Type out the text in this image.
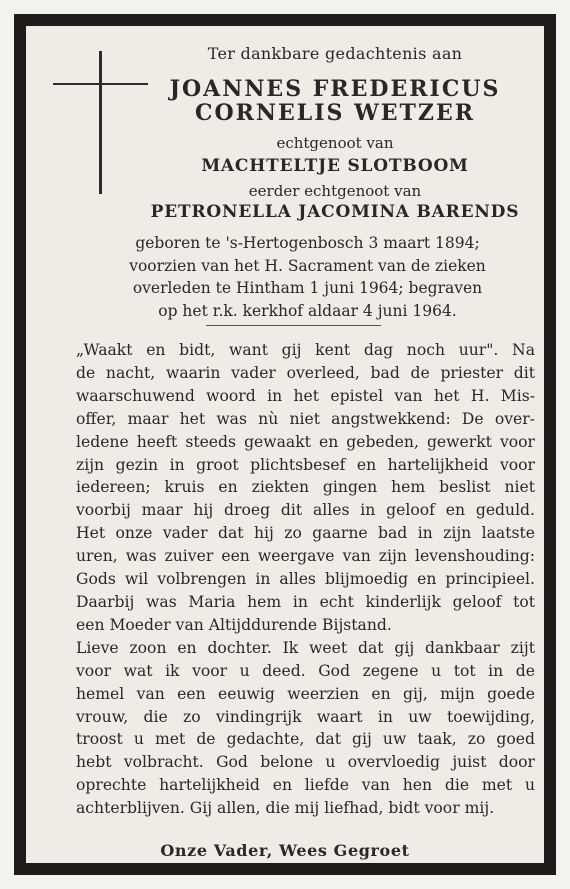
Ter dankbare gedachtenis aan
JOANNES FREDERICUS
CORNELIS WETZER
echtgenoot van
MACHTELTJE SLOTBOOM
eerder echtgenoot van
PETRONELLA JACOMINA BARENDS
geboren te 's-Hertogenbosch 3 maart 1894;
voorzien van het H. Sacrament van de zieken
overleden te Hintham 1 juni 1964; begraven
op het r.k. kerkhof aldaar 4 juni 1964.
„Waakt en bidt, want gij kent dag noch uur". Na
de nacht, waarin vader overleed, bad de priester dit
waarschuwend woord in het epistel van het H. Mis-
offer, maar het was nù niet angstwekkend: De over-
ledene heeft steeds gewaakt en gebeden, gewerkt voor
zijn gezin in groot plichtsbesef en hartelijkheid voor
iedereen; kruis en ziekten gingen hem beslist niet
voorbij maar hij droeg dit alles in geloof en geduld.
Het onze vader dat hij zo gaarne bad in zijn laatste
uren, was zuiver een weergave van zijn levenshouding:
Gods wil volbrengen in alles blijmoedig en principieel.
Daarbij was Maria hem in echt kinderlijk geloof tot
een Moeder van Altijddurende Bijstand.
Lieve zoon en dochter. Ik weet dat gij dankbaar zijt
voor wat ik voor u deed. God zegene u tot in de
hemel van een eeuwig weerzien en gij, mijn goede
vrouw, die zo vindingrijk waart in uw toewijding,
troost u met de gedachte, dat gij uw taak, zo goed
hebt volbracht. God belone u overvloedig juist door
oprechte hartelijkheid en liefde van hen die met u
achterblijven. Gij allen, die mij liefhad, bidt voor mij.
Onze Vader, Wees Gegroet
